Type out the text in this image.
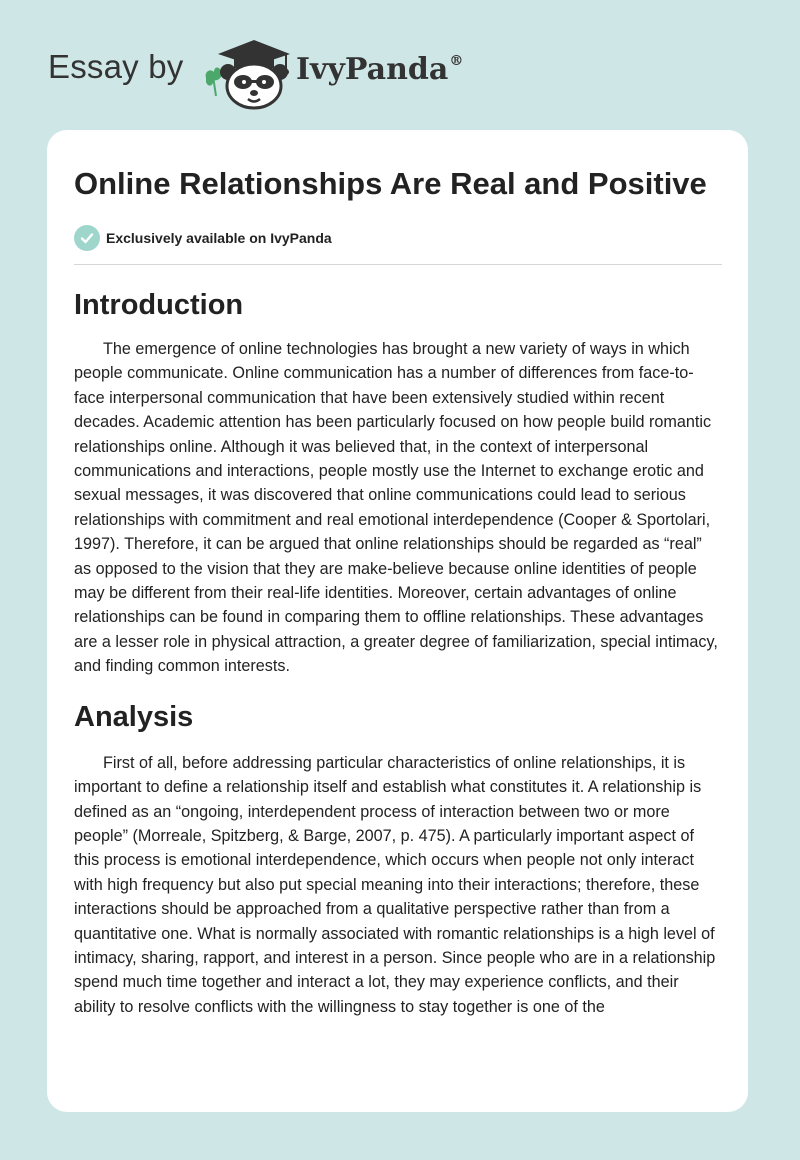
Essay by	IvyPanda®
Online Relationships Are Real and Positive
Exclusively available on IvyPanda
Introduction

The emergence of online technologies has brought a new variety of ways in which people communicate. Online communication has a number of differences from face-to-face interpersonal communication that have been extensively studied within recent decades. Academic attention has been particularly focused on how people build romantic relationships online. Although it was believed that, in the context of interpersonal communications and interactions, people mostly use the Internet to exchange erotic and sexual messages, it was discovered that online communications could lead to serious relationships with commitment and real emotional interdependence (Cooper & Sportolari, 1997). Therefore, it can be argued that online relationships should be regarded as “real” as opposed to the vision that they are make-believe because online identities of people may be different from their real-life identities. Moreover, certain advantages of online relationships can be found in comparing them to offline relationships. These advantages are a lesser role in physical attraction, a greater degree of familiarization, special intimacy, and finding common interests.

Analysis

First of all, before addressing particular characteristics of online relationships, it is important to define a relationship itself and establish what constitutes it. A relationship is defined as an “ongoing, interdependent process of interaction between two or more people” (Morreale, Spitzberg, & Barge, 2007, p. 475). A particularly important aspect of this process is emotional interdependence, which occurs when people not only interact with high frequency but also put special meaning into their interactions; therefore, these interactions should be approached from a qualitative perspective rather than from a quantitative one. What is normally associated with romantic relationships is a high level of intimacy, sharing, rapport, and interest in a person. Since people who are in a relationship spend much time together and interact a lot, they may experience conflicts, and their ability to resolve conflicts with the willingness to stay together is one of the
